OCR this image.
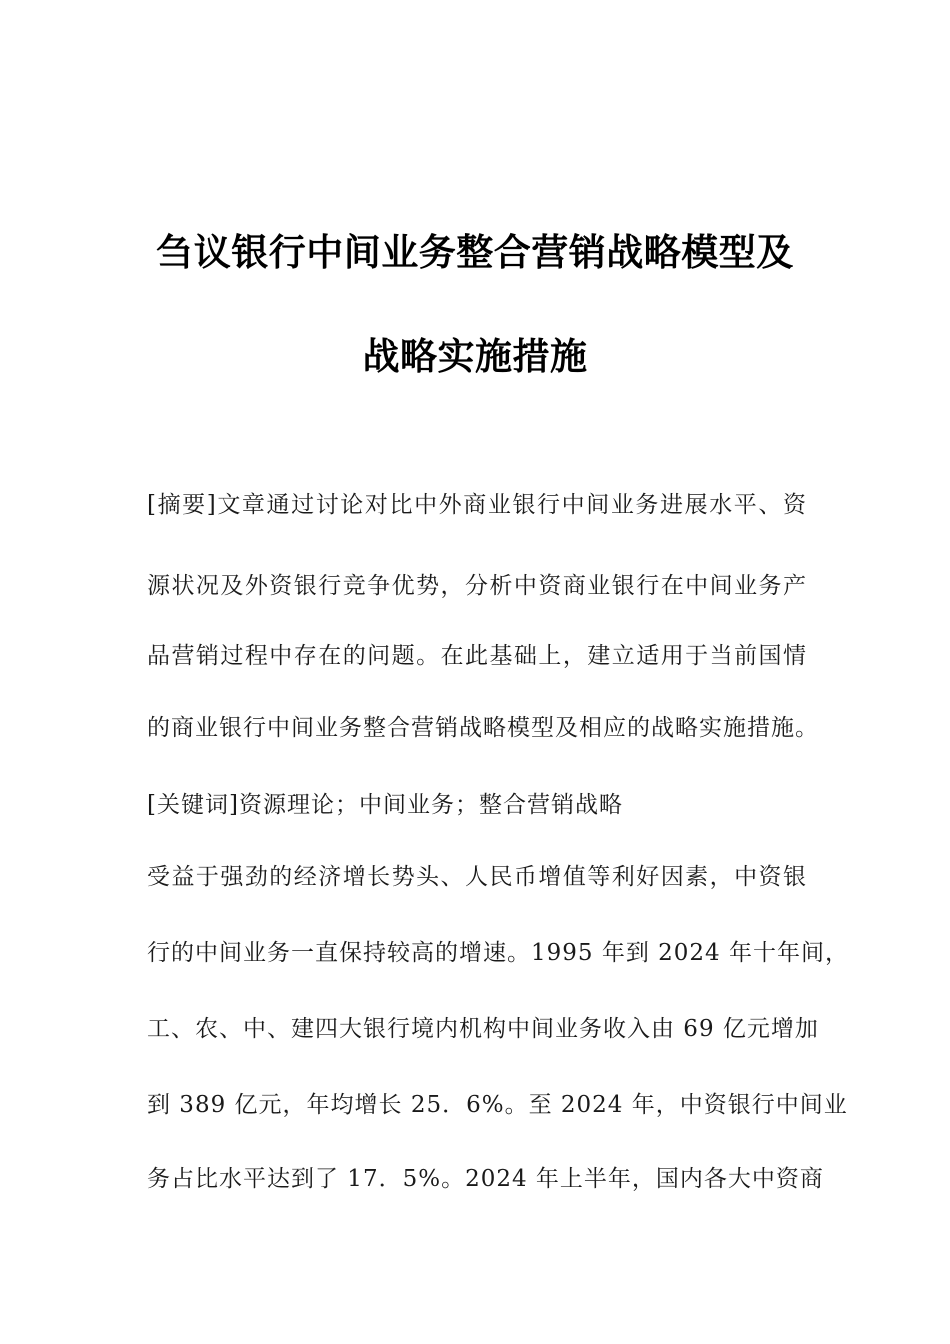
刍议银行中间业务整合营销战略模型及
战略实施措施
[摘要]文章通过讨论对比中外商业银行中间业务进展水平、资
源状况及外资银行竞争优势，分析中资商业银行在中间业务产
品营销过程中存在的问题。在此基础上，建立适用于当前国情
的商业银行中间业务整合营销战略模型及相应的战略实施措施。
[关键词]资源理论；中间业务；整合营销战略
受益于强劲的经济增长势头、人民币增值等利好因素，中资银
行的中间业务一直保持较高的增速。1995 年到 2024 年十年间，
工、农、中、建四大银行境内机构中间业务收入由 69 亿元增加
到 389 亿元，年均增长 25．6%。至 2024 年，中资银行中间业
务占比水平达到了 17．5%。2024 年上半年，国内各大中资商
